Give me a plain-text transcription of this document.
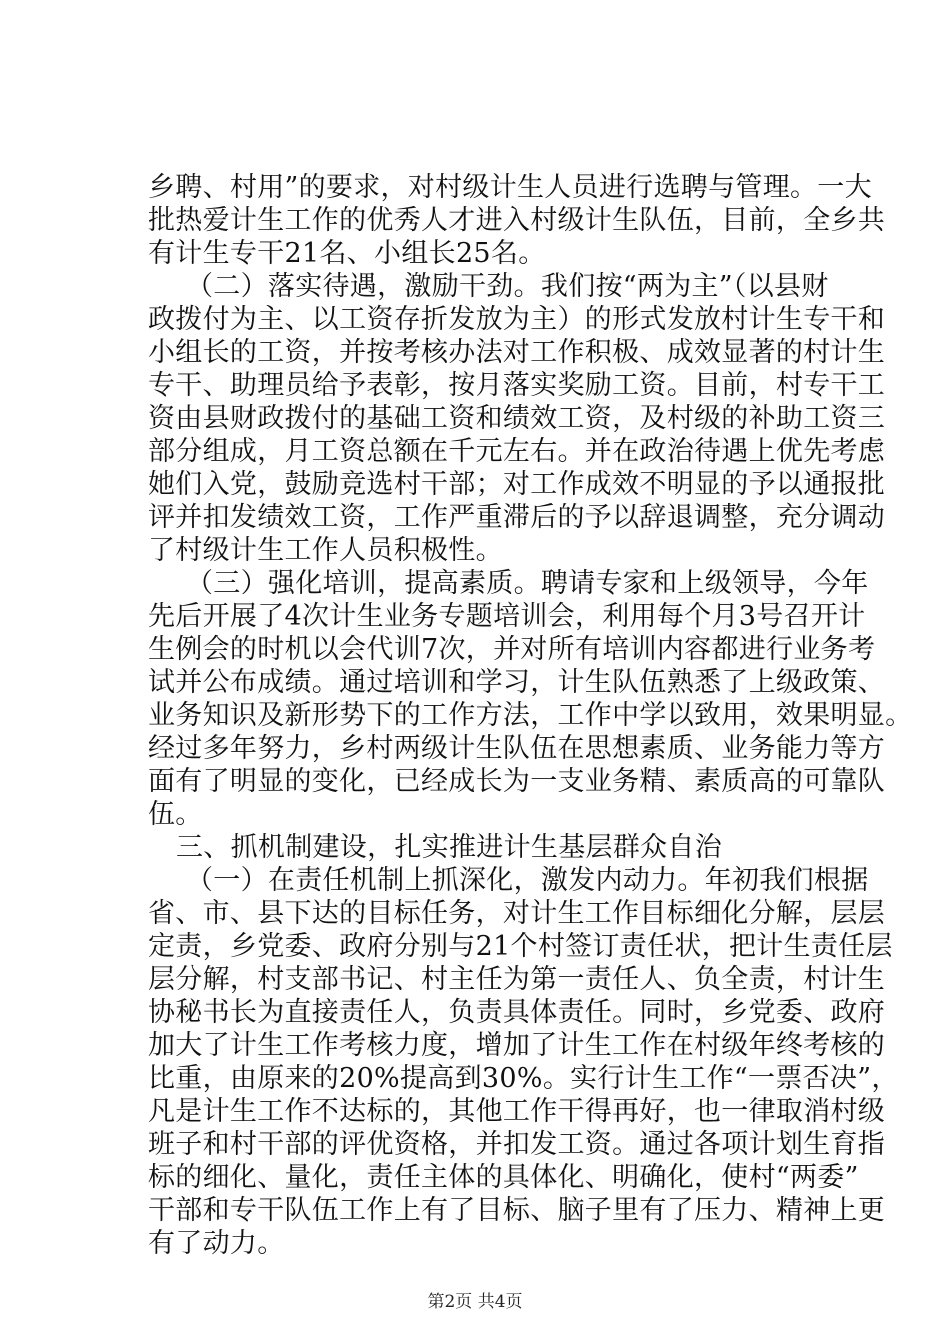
乡聘、村用”的要求，对村级计生人员进行选聘与管理。一大
批热爱计生工作的优秀人才进入村级计生队伍，目前，全乡共
有计生专干21名、小组长25名。
（二）落实待遇，激励干劲。我们按“两为主”（以县财
政拨付为主、以工资存折发放为主）的形式发放村计生专干和
小组长的工资，并按考核办法对工作积极、成效显著的村计生
专干、助理员给予表彰，按月落实奖励工资。目前，村专干工
资由县财政拨付的基础工资和绩效工资，及村级的补助工资三
部分组成，月工资总额在千元左右。并在政治待遇上优先考虑
她们入党，鼓励竞选村干部；对工作成效不明显的予以通报批
评并扣发绩效工资，工作严重滞后的予以辞退调整，充分调动
了村级计生工作人员积极性。
（三）强化培训，提高素质。聘请专家和上级领导，今年
先后开展了4次计生业务专题培训会，利用每个月3号召开计
生例会的时机以会代训7次，并对所有培训内容都进行业务考
试并公布成绩。通过培训和学习，计生队伍熟悉了上级政策、
业务知识及新形势下的工作方法，工作中学以致用，效果明显。
经过多年努力，乡村两级计生队伍在思想素质、业务能力等方
面有了明显的变化，已经成长为一支业务精、素质高的可靠队
伍。
三、抓机制建设，扎实推进计生基层群众自治
（一）在责任机制上抓深化，激发内动力。年初我们根据
省、市、县下达的目标任务，对计生工作目标细化分解，层层
定责，乡党委、政府分别与21个村签订责任状，把计生责任层
层分解，村支部书记、村主任为第一责任人、负全责，村计生
协秘书长为直接责任人，负责具体责任。同时，乡党委、政府
加大了计生工作考核力度，增加了计生工作在村级年终考核的
比重，由原来的20%提高到30%。实行计生工作“一票否决”，
凡是计生工作不达标的，其他工作干得再好，也一律取消村级
班子和村干部的评优资格，并扣发工资。通过各项计划生育指
标的细化、量化，责任主体的具体化、明确化，使村“两委”
干部和专干队伍工作上有了目标、脑子里有了压力、精神上更
有了动力。
第2页 共4页
